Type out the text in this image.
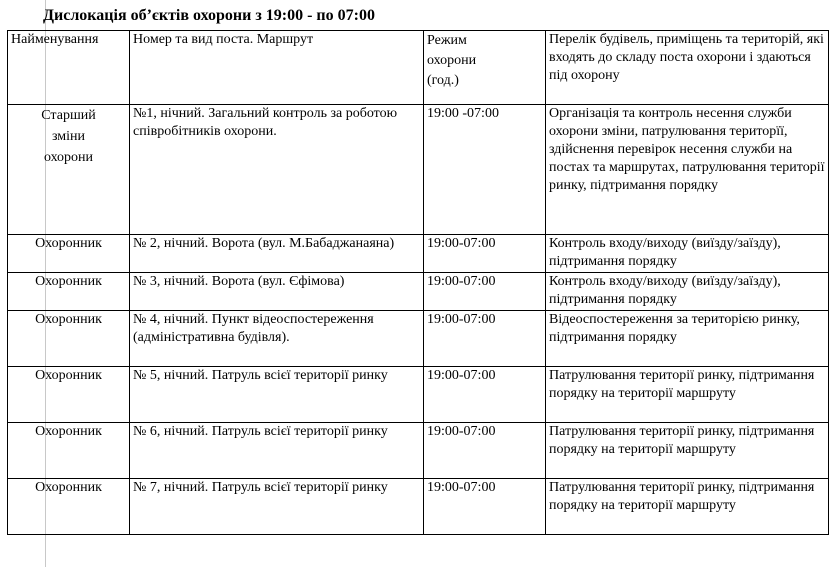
Дислокація об’єктів охорони з 19:00 - по 07:00
Найменування	Номер та вид поста. Маршрут	Режим охорони (год.)	Перелік будівель, приміщень та територій, які входять до складу поста охорони і здаються під охорону

Старший зміни охорони	№1, нічний. Загальний контроль за роботою співробітників охорони.	19:00 -07:00	Організація та контроль несення служби охорони зміни, патрулювання територїї, здійснення перевірок несення служби на постах та маршрутах, патрулювання території ринку, підтримання порядку
Охоронник	№ 2, нічний. Ворота (вул. М.Бабаджанаяна)	19:00-07:00	Контроль входу/виходу (виїзду/заїзду), підтримання порядку
Охоронник	№ 3, нічний. Ворота (вул. Єфімова)	19:00-07:00	Контроль входу/виходу (виїзду/заїзду), підтримання порядку
Охоронник	№ 4, нічний. Пункт відеоспостереження (адміністративна будівля).	19:00-07:00	Відеоспостереження за територією ринку, підтримання порядку
Охоронник	№ 5, нічний. Патруль всієї території ринку	19:00-07:00	Патрулювання території ринку, підтримання порядку на території маршруту
Охоронник	№ 6, нічний. Патруль всієї території ринку	19:00-07:00	Патрулювання території ринку, підтримання порядку на території маршруту
Охоронник	№ 7, нічний. Патруль всієї території ринку	19:00-07:00	Патрулювання території ринку, підтримання порядку на території маршруту
